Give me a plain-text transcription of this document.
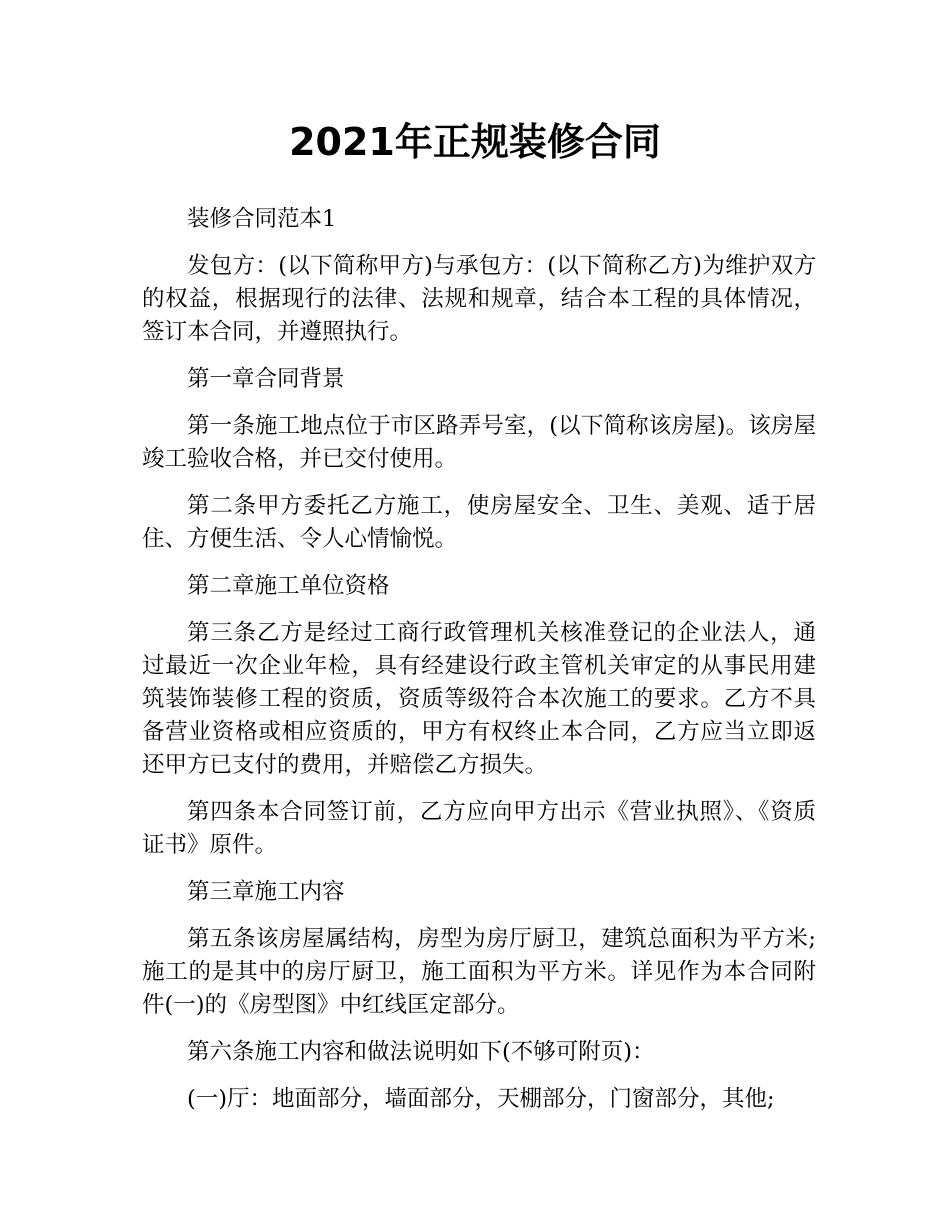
2021年正规装修合同

装修合同范本1

发包方：(以下简称甲方)与承包方：(以下简称乙方)为维护双方的权益，根据现行的法律、法规和规章，结合本工程的具体情况，签订本合同，并遵照执行。

第一章合同背景

第一条施工地点位于市区路弄号室，(以下简称该房屋)。该房屋竣工验收合格，并已交付使用。

第二条甲方委托乙方施工，使房屋安全、卫生、美观、适于居住、方便生活、令人心情愉悦。

第二章施工单位资格

第三条乙方是经过工商行政管理机关核准登记的企业法人，通过最近一次企业年检，具有经建设行政主管机关审定的从事民用建筑装饰装修工程的资质，资质等级符合本次施工的要求。乙方不具备营业资格或相应资质的，甲方有权终止本合同，乙方应当立即返还甲方已支付的费用，并赔偿乙方损失。

第四条本合同签订前，乙方应向甲方出示《营业执照》、《资质证书》原件。

第三章施工内容

第五条该房屋属结构，房型为房厅厨卫，建筑总面积为平方米;施工的是其中的房厅厨卫，施工面积为平方米。详见作为本合同附件(一)的《房型图》中红线匡定部分。

第六条施工内容和做法说明如下(不够可附页)：

(一)厅：地面部分，墙面部分，天棚部分，门窗部分，其他;
